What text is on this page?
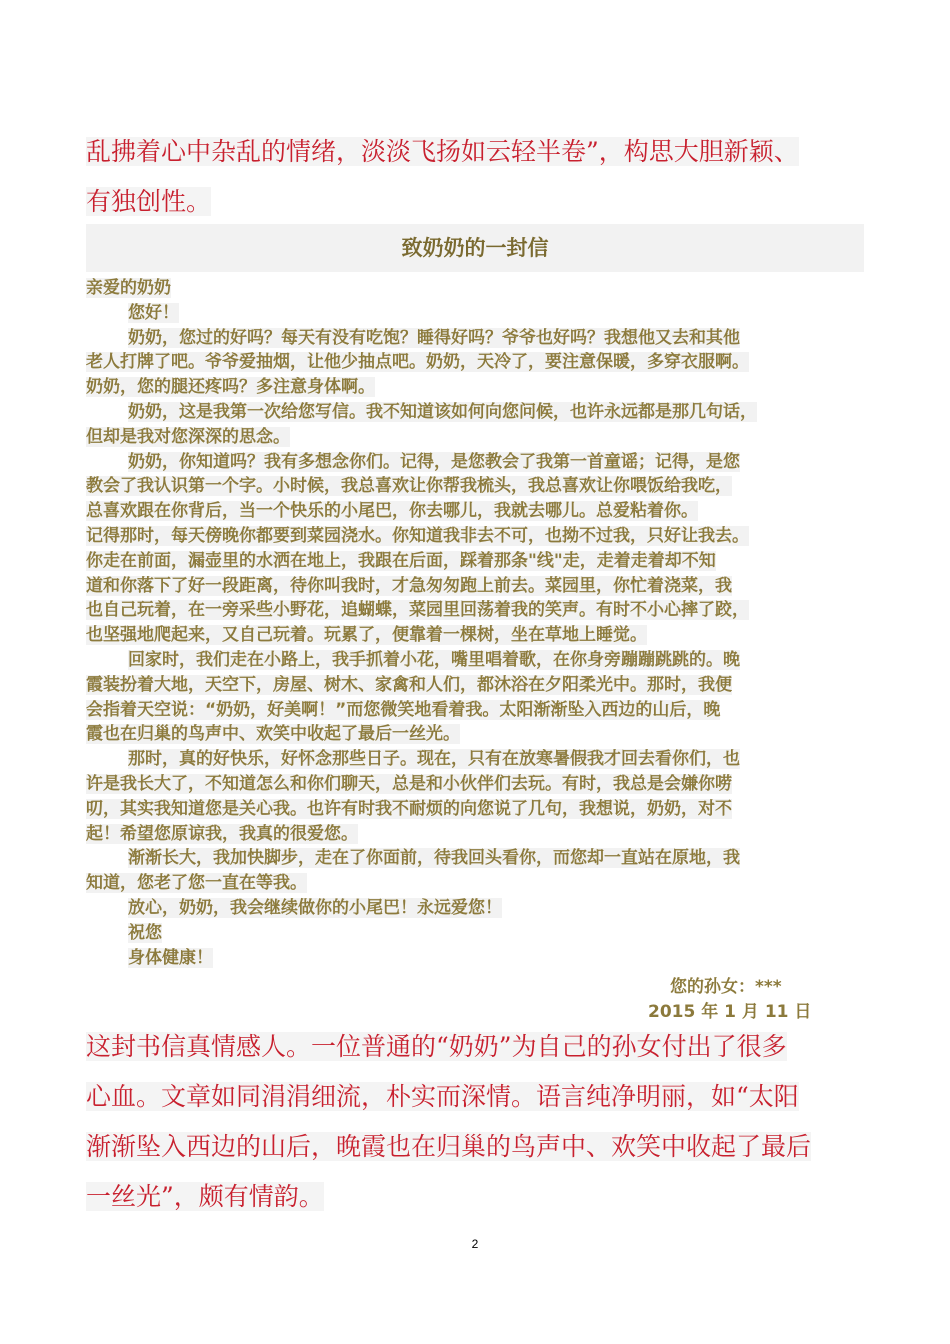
乱拂着心中杂乱的情绪，淡淡飞扬如云轻半卷”，构思大胆新颖、
有独创性。
致奶奶的一封信
亲爱的奶奶
您好！
奶奶，您过的好吗？每天有没有吃饱？睡得好吗？爷爷也好吗？我想他又去和其他
老人打牌了吧。爷爷爱抽烟，让他少抽点吧。奶奶，天冷了，要注意保暖，多穿衣服啊。
奶奶，您的腿还疼吗？多注意身体啊。
奶奶，这是我第一次给您写信。我不知道该如何向您问候，也许永远都是那几句话，
但却是我对您深深的思念。
奶奶，你知道吗？我有多想念你们。记得，是您教会了我第一首童谣；记得，是您
教会了我认识第一个字。小时候，我总喜欢让你帮我梳头，我总喜欢让你喂饭给我吃，
总喜欢跟在你背后，当一个快乐的小尾巴，你去哪儿，我就去哪儿。总爱粘着你。
记得那时，每天傍晚你都要到菜园浇水。你知道我非去不可，也拗不过我，只好让我去。
你走在前面，漏壶里的水洒在地上，我跟在后面，踩着那条"线"走，走着走着却不知
道和你落下了好一段距离，待你叫我时，才急匆匆跑上前去。菜园里，你忙着浇菜，我
也自己玩着，在一旁采些小野花，追蝴蝶，菜园里回荡着我的笑声。有时不小心摔了跤，
也坚强地爬起来，又自己玩着。玩累了，便靠着一棵树，坐在草地上睡觉。
回家时，我们走在小路上，我手抓着小花，嘴里唱着歌，在你身旁蹦蹦跳跳的。晚
霞装扮着大地，天空下，房屋、树木、家禽和人们，都沐浴在夕阳柔光中。那时，我便
会指着天空说：“奶奶，好美啊！”而您微笑地看着我。太阳渐渐坠入西边的山后，晚
霞也在归巢的鸟声中、欢笑中收起了最后一丝光。
那时，真的好快乐，好怀念那些日子。现在，只有在放寒暑假我才回去看你们，也
许是我长大了，不知道怎么和你们聊天，总是和小伙伴们去玩。有时，我总是会嫌你唠
叨，其实我知道您是关心我。也许有时我不耐烦的向您说了几句，我想说，奶奶，对不
起！希望您原谅我，我真的很爱您。
渐渐长大，我加快脚步，走在了你面前，待我回头看你，而您却一直站在原地，我
知道，您老了您一直在等我。
放心，奶奶，我会继续做你的小尾巴！永远爱您！
祝您
身体健康！
您的孙女：***
2015 年 1 月 11 日
这封书信真情感人。一位普通的“奶奶”为自己的孙女付出了很多
心血。文章如同涓涓细流，朴实而深情。语言纯净明丽，如“太阳
渐渐坠入西边的山后，晚霞也在归巢的鸟声中、欢笑中收起了最后
一丝光”，颇有情韵。
2
